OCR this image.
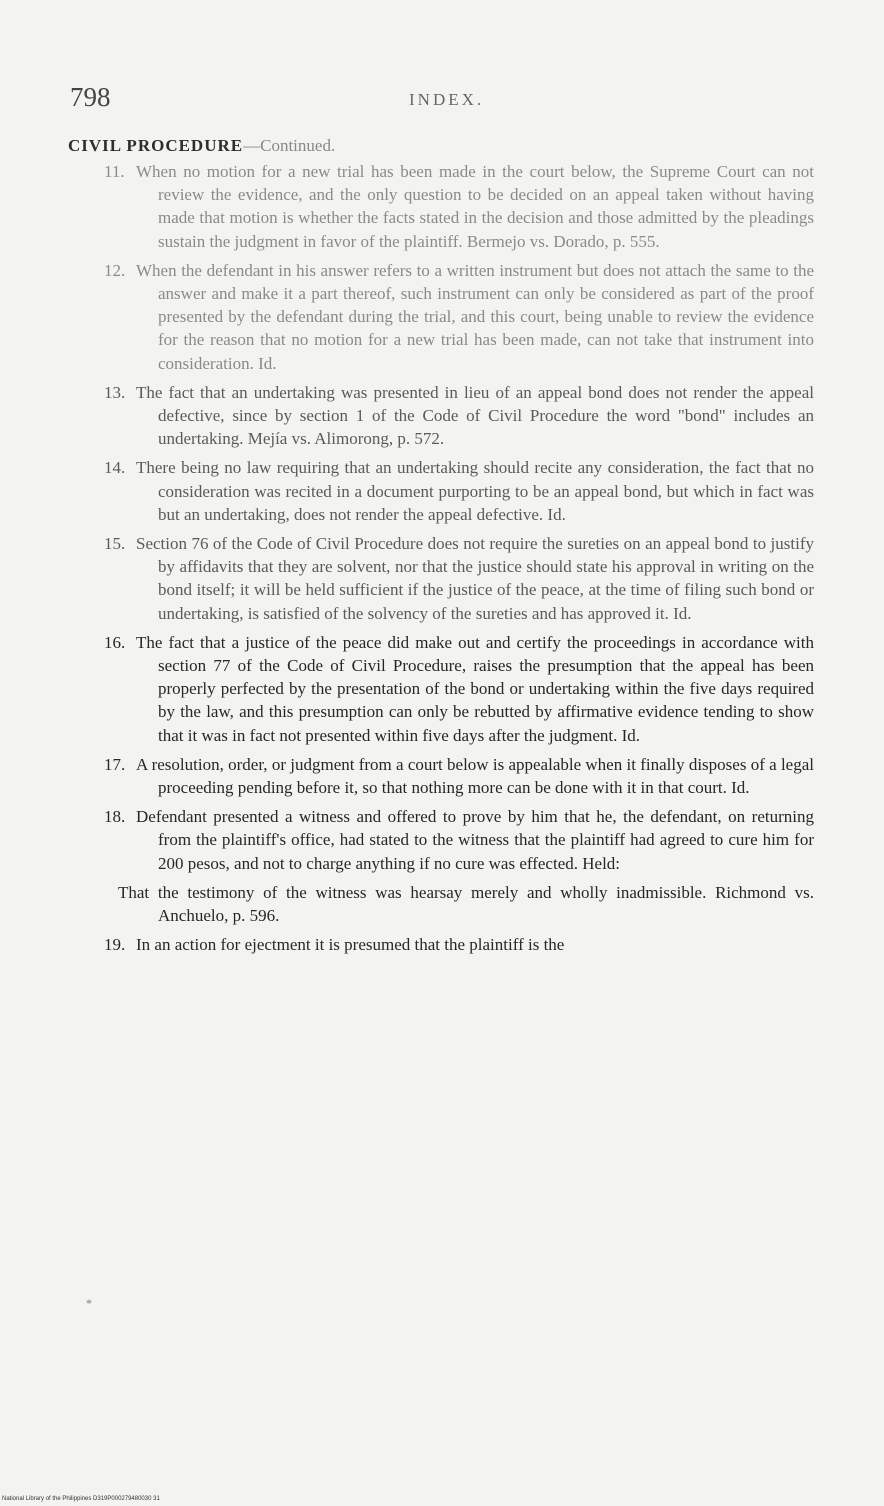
798	INDEX.
CIVIL PROCEDURE—Continued.

11. When no motion for a new trial has been made in the court below, the Supreme Court can not review the evidence, and the only question to be decided on an appeal taken without having made that motion is whether the facts stated in the decision and those admitted by the pleadings sustain the judgment in favor of the plaintiff. Bermejo vs. Dorado, p. 555.

12. When the defendant in his answer refers to a written instrument but does not attach the same to the answer and make it a part thereof, such instrument can only be considered as part of the proof presented by the defendant during the trial, and this court, being unable to review the evidence for the reason that no motion for a new trial has been made, can not take that instrument into consideration. Id.

13. The fact that an undertaking was presented in lieu of an appeal bond does not render the appeal defective, since by section 1 of the Code of Civil Procedure the word "bond" includes an undertaking. Mejía vs. Alimorong, p. 572.

14. There being no law requiring that an undertaking should recite any consideration, the fact that no consideration was recited in a document purporting to be an appeal bond, but which in fact was but an undertaking, does not render the appeal defective. Id.

15. Section 76 of the Code of Civil Procedure does not require the sureties on an appeal bond to justify by affidavits that they are solvent, nor that the justice should state his approval in writing on the bond itself; it will be held sufficient if the justice of the peace, at the time of filing such bond or undertaking, is satisfied of the solvency of the sureties and has approved it. Id.

16. The fact that a justice of the peace did make out and certify the proceedings in accordance with section 77 of the Code of Civil Procedure, raises the presumption that the appeal has been properly perfected by the presentation of the bond or undertaking within the five days required by the law, and this presumption can only be rebutted by affirmative evidence tending to show that it was in fact not presented within five days after the judgment. Id.

17. A resolution, order, or judgment from a court below is appealable when it finally disposes of a legal proceeding pending before it, so that nothing more can be done with it in that court. Id.

18. Defendant presented a witness and offered to prove by him that he, the defendant, on returning from the plaintiff's office, had stated to the witness that the plaintiff had agreed to cure him for 200 pesos, and not to charge anything if no cure was effected. Held:

That the testimony of the witness was hearsay merely and wholly inadmissible. Richmond vs. Anchuelo, p. 596.

19. In an action for ejectment it is presumed that the plaintiff is the

*
National Library of the Philippines D319P000279480030 31
